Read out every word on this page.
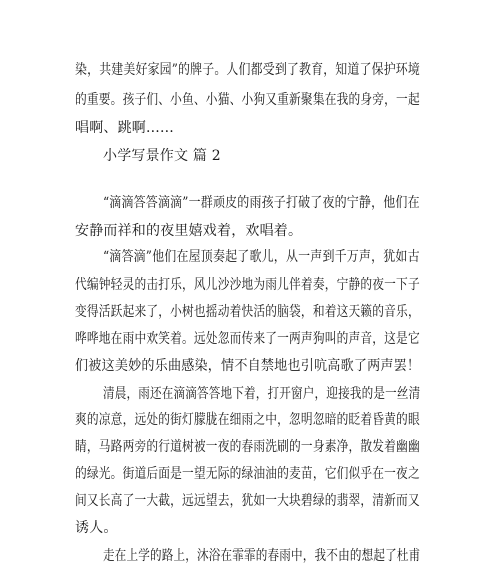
染，共建美好家园”的牌子。人们都受到了教育，知道了保护环境
的重要。孩子们、小鱼、小猫、小狗又重新聚集在我的身旁，一起
唱啊、跳啊......
小学写景作文 篇 2
“滴滴答答滴滴”一群顽皮的雨孩子打破了夜的宁静，他们在
安静而祥和的夜里嬉戏着，欢唱着。
“滴答滴”他们在屋顶奏起了歌儿，从一声到千万声，犹如古
代编钟轻灵的击打乐，风儿沙沙地为雨儿伴着奏，宁静的夜一下子
变得活跃起来了，小树也摇动着快活的脑袋，和着这天籁的音乐，
哗哗地在雨中欢笑着。远处忽而传来了一两声狗叫的声音，这是它
们被这美妙的乐曲感染，情不自禁地也引吭高歌了两声罢！
清晨，雨还在滴滴答答地下着，打开窗户，迎接我的是一丝清
爽的凉意，远处的街灯朦胧在细雨之中，忽明忽暗的眨着昏黄的眼
睛，马路两旁的行道树被一夜的春雨洗刷的一身素净，散发着幽幽
的绿光。街道后面是一望无际的绿油油的麦苗，它们似乎在一夜之
间又长高了一大截，远远望去，犹如一大块碧绿的翡翠，清新而又
诱人。
走在上学的路上，沐浴在霏霏的春雨中，我不由的想起了杜甫
